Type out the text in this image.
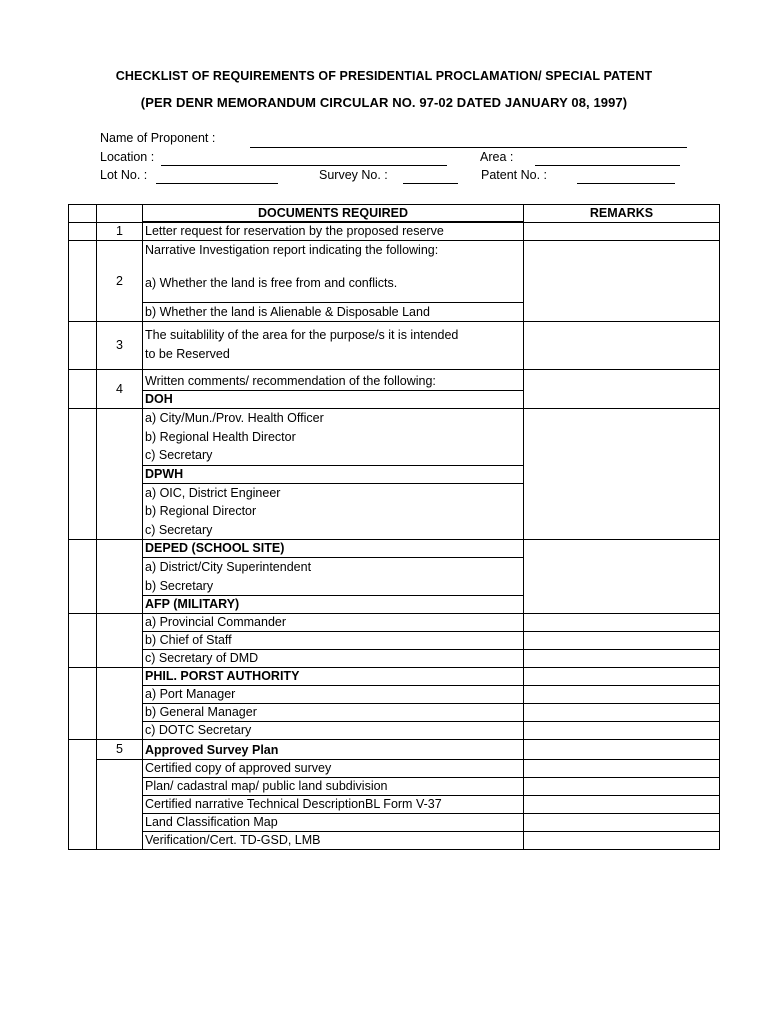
CHECKLIST OF REQUIREMENTS OF PRESIDENTIAL PROCLAMATION/ SPECIAL PATENT
(PER DENR MEMORANDUM CIRCULAR NO. 97-02 DATED JANUARY 08, 1997)
Name of Proponent :
Location :	Area :
Lot No. :	Survey No. :	Patent No. :
		DOCUMENTS REQUIRED	REMARKS
	1	Letter request for reservation by the proposed reserve	
	2	Narrative Investigation report indicating the following:
a) Whether the land is free from and conflicts.	

		b) Whether the land is Alienable & Disposable Land	
	3	The suitablility of the area for the purpose/s it is intended
to be Reserved	

	4	Written comments/ recommendation of the following:	
		DOH	

		a) City/Mun./Prov. Health Officer
b) Regional Health Director
c) Secretary	

		DPWH	

		a) OIC, District Engineer
b) Regional Director
c) Secretary	

		DEPED (SCHOOL SITE)	

		a) District/City Superintendent
b) Secretary	

		AFP (MILITARY)	
		a) Provincial Commander	
		b) Chief of Staff	
		c) Secretary of DMD	
		PHIL. PORST AUTHORITY	
		a) Port Manager	
		b) General Manager	
		c) DOTC Secretary	
	5	Approved Survey Plan	
		Certified copy of approved survey	
		Plan/ cadastral map/ public land subdivision	
		Certified narrative Technical DescriptionBL Form V-37	
		Land Classification Map	
		Verification/Cert. TD-GSD, LMB	
